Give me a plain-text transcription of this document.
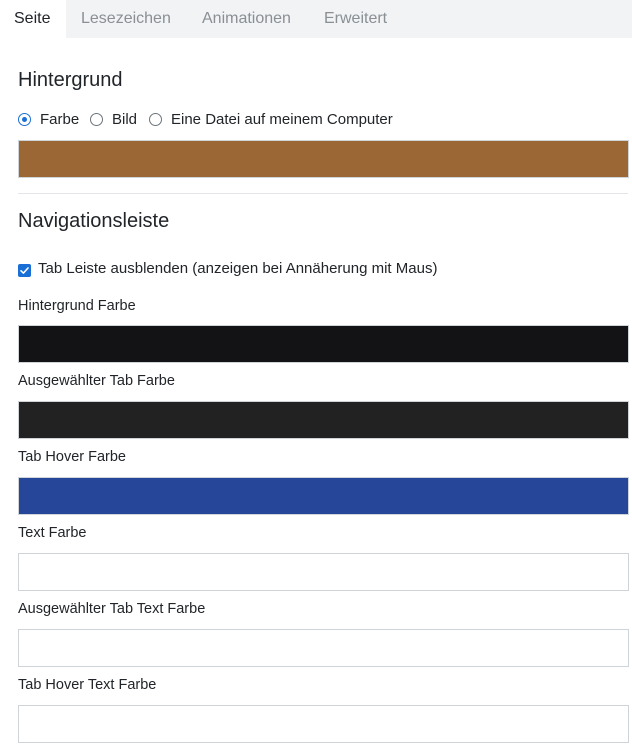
Seite	Lesezeichen	Animationen	Erweitert
Hintergrund
Farbe Bild Eine Datei auf meinem Computer
Navigationsleiste
Tab Leiste ausblenden (anzeigen bei Annäherung mit Maus)
Hintergrund Farbe
Ausgewählter Tab Farbe
Tab Hover Farbe
Text Farbe
Ausgewählter Tab Text Farbe
Tab Hover Text Farbe
